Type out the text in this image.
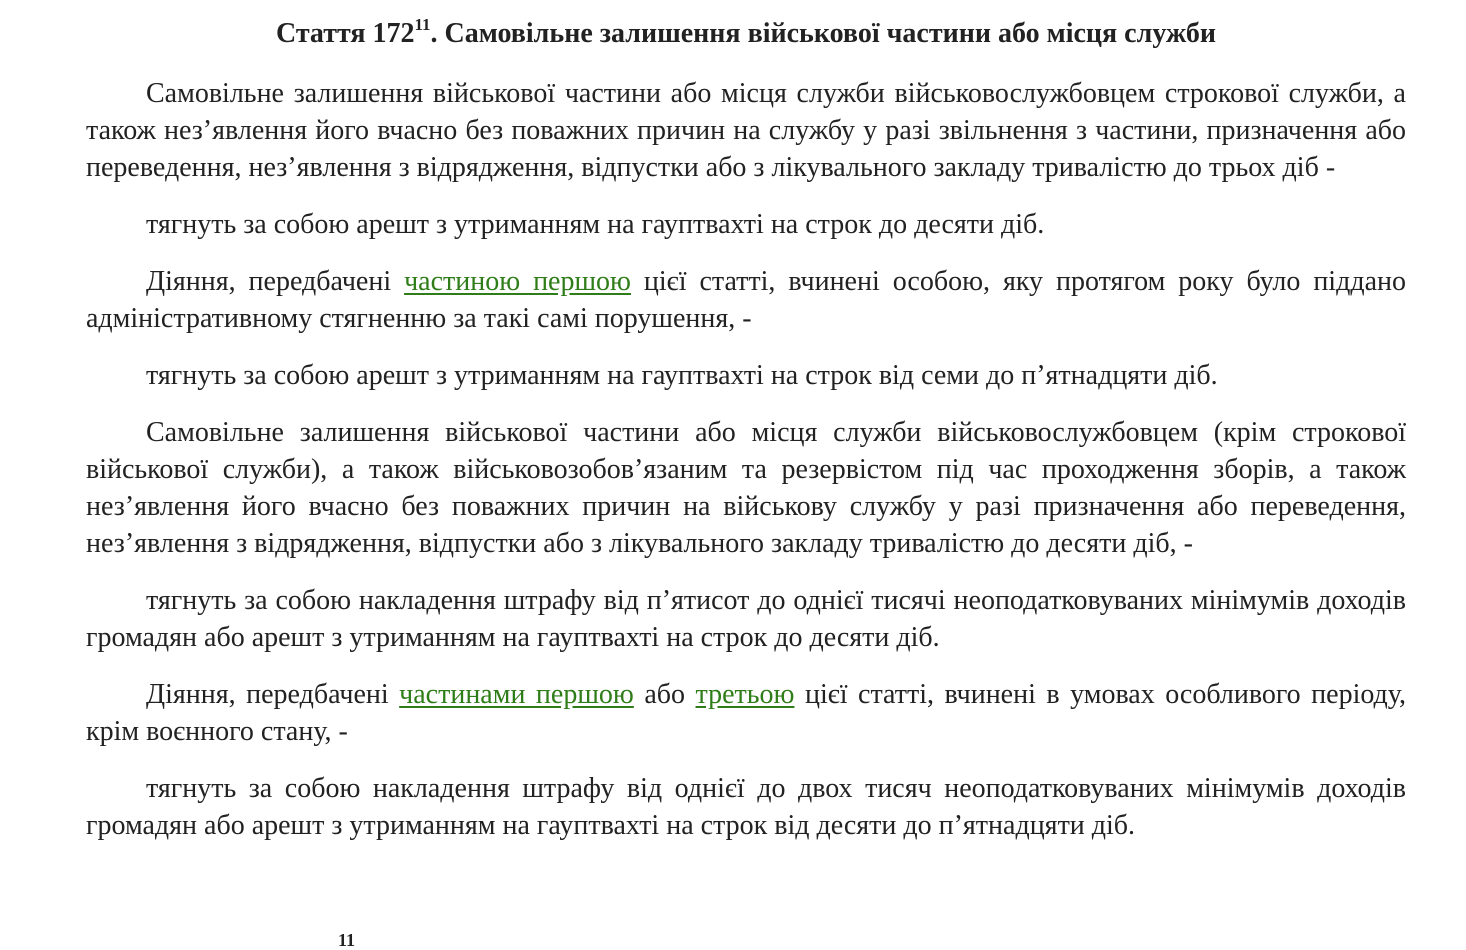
Стаття $172^{11}$. Самовільне залишення військової частини або місця служби

Самовільне залишення військової частини або місця служби військовослужбовцем строкової служби, а також нез’явлення його вчасно без поважних причин на службу у разі звільнення з частини, призначення або переведення, нез’явлення з відрядження, відпустки або з лікувального закладу тривалістю до трьох діб -

тягнуть за собою арешт з утриманням на гауптвахті на строк до десяти діб.

Діяння, передбачені частиною першою цієї статті, вчинені особою, яку протягом року було піддано адміністративному стягненню за такі самі порушення, -

тягнуть за собою арешт з утриманням на гауптвахті на строк від семи до п’ятнадцяти діб.

Самовільне залишення військової частини або місця служби військовослужбовцем (крім строкової військової служби), а також військовозобов’язаним та резервістом під час проходження зборів, а також нез’явлення його вчасно без поважних причин на військову службу у разі призначення або переведення, нез’явлення з відрядження, відпустки або з лікувального закладу тривалістю до десяти діб, -

тягнуть за собою накладення штрафу від п’ятисот до однієї тисячі неоподатковуваних мінімумів доходів громадян або арешт з утриманням на гауптвахті на строк до десяти діб.

Діяння, передбачені частинами першою або третьою цієї статті, вчинені в умовах особливого періоду, крім воєнного стану, -

тягнуть за собою накладення штрафу від однієї до двох тисяч неоподатковуваних мінімумів доходів громадян або арешт з утриманням на гауптвахті на строк від десяти до п’ятнадцяти діб.

11
